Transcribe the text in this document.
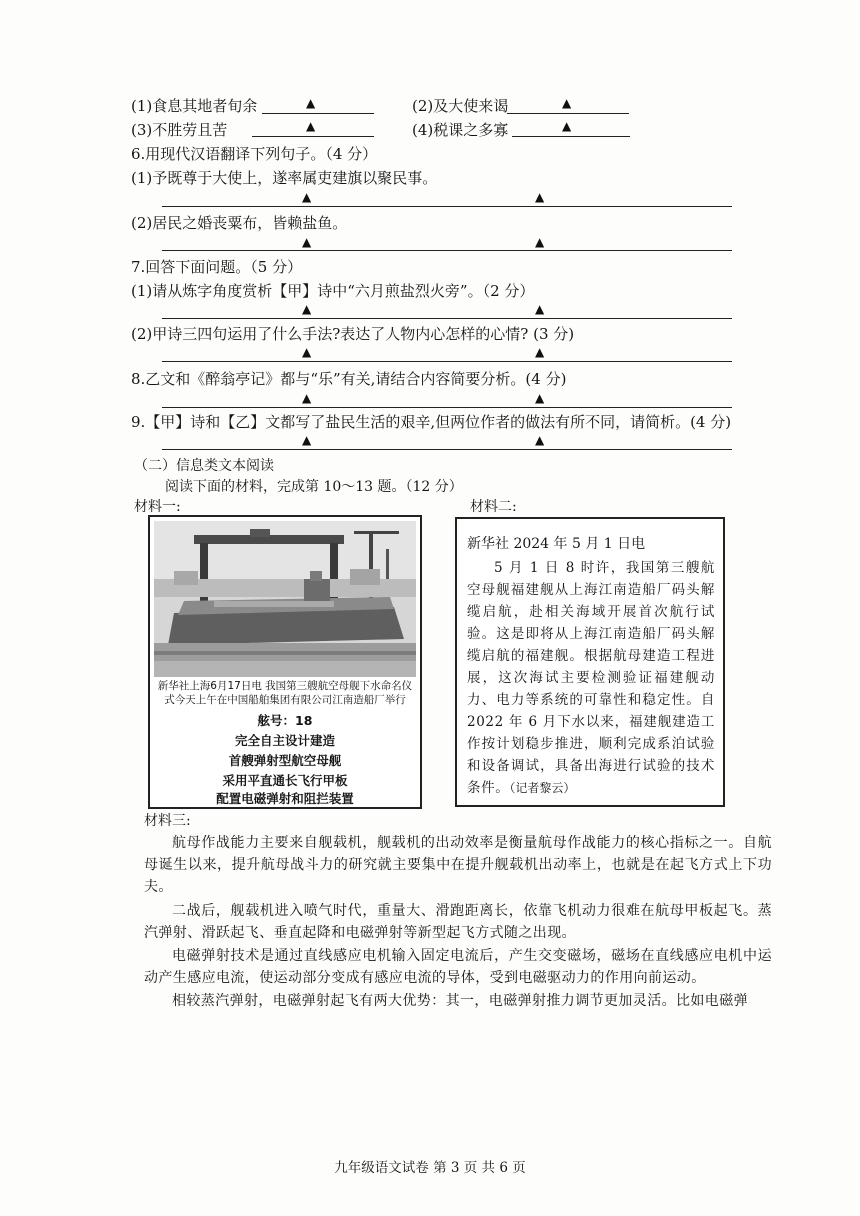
(1)食息其地者旬余	▲	(2)及大使来谒	▲
(3)不胜劳且苦	▲	(4)税课之多寡	▲
6.用现代汉语翻译下列句子。（4 分）
(1)予既尊于大使上，遂率属吏建旗以聚民事。
▲	▲
(2)居民之婚丧粟布，皆赖盐鱼。
▲	▲
7.回答下面问题。（5 分）
(1)请从炼字角度赏析【甲】诗中“六月煎盐烈火旁”。（2 分）
▲	▲
(2)甲诗三四句运用了什么手法?表达了人物内心怎样的心情? (3 分)
▲	▲
8.乙文和《醉翁亭记》都与“乐”有关,请结合内容简要分析。(4 分)
▲	▲
9.【甲】诗和【乙】文都写了盐民生活的艰辛,但两位作者的做法有所不同，请简析。(4 分)
▲	▲
（二）信息类文本阅读
阅读下面的材料，完成第 10～13 题。（12 分）
材料一:	材料二:
新华社上海6月17日电 我国第三艘航空母舰下水命名仪式今天上午在中国船舶集团有限公司江南造船厂举行
舷号：18
完全自主设计建造
首艘弹射型航空母舰
采用平直通长飞行甲板
配置电磁弹射和阻拦装置
新华社 2024 年 5 月 1 日电
5 月 1 日 8 时许，我国第三艘航空母舰福建舰从上海江南造船厂码头解缆启航，赴相关海域开展首次航行试验。这是即将从上海江南造船厂码头解缆启航的福建舰。根据航母建造工程进展，这次海试主要检测验证福建舰动力、电力等系统的可靠性和稳定性。自 2022 年 6 月下水以来，福建舰建造工作按计划稳步推进，顺利完成系泊试验和设备调试，具备出海进行试验的技术条件。（记者黎云）
材料三:
航母作战能力主要来自舰载机，舰载机的出动效率是衡量航母作战能力的核心指标之一。自航母诞生以来，提升航母战斗力的研究就主要集中在提升舰载机出动率上，也就是在起飞方式上下功夫。
二战后，舰载机进入喷气时代，重量大、滑跑距离长，依靠飞机动力很难在航母甲板起飞。蒸汽弹射、滑跃起飞、垂直起降和电磁弹射等新型起飞方式随之出现。
电磁弹射技术是通过直线感应电机输入固定电流后，产生交变磁场，磁场在直线感应电机中运动产生感应电流，使运动部分变成有感应电流的导体，受到电磁驱动力的作用向前运动。
相较蒸汽弹射，电磁弹射起飞有两大优势：其一，电磁弹射推力调节更加灵活。比如电磁弹
九年级语文试卷 第 3 页 共 6 页
